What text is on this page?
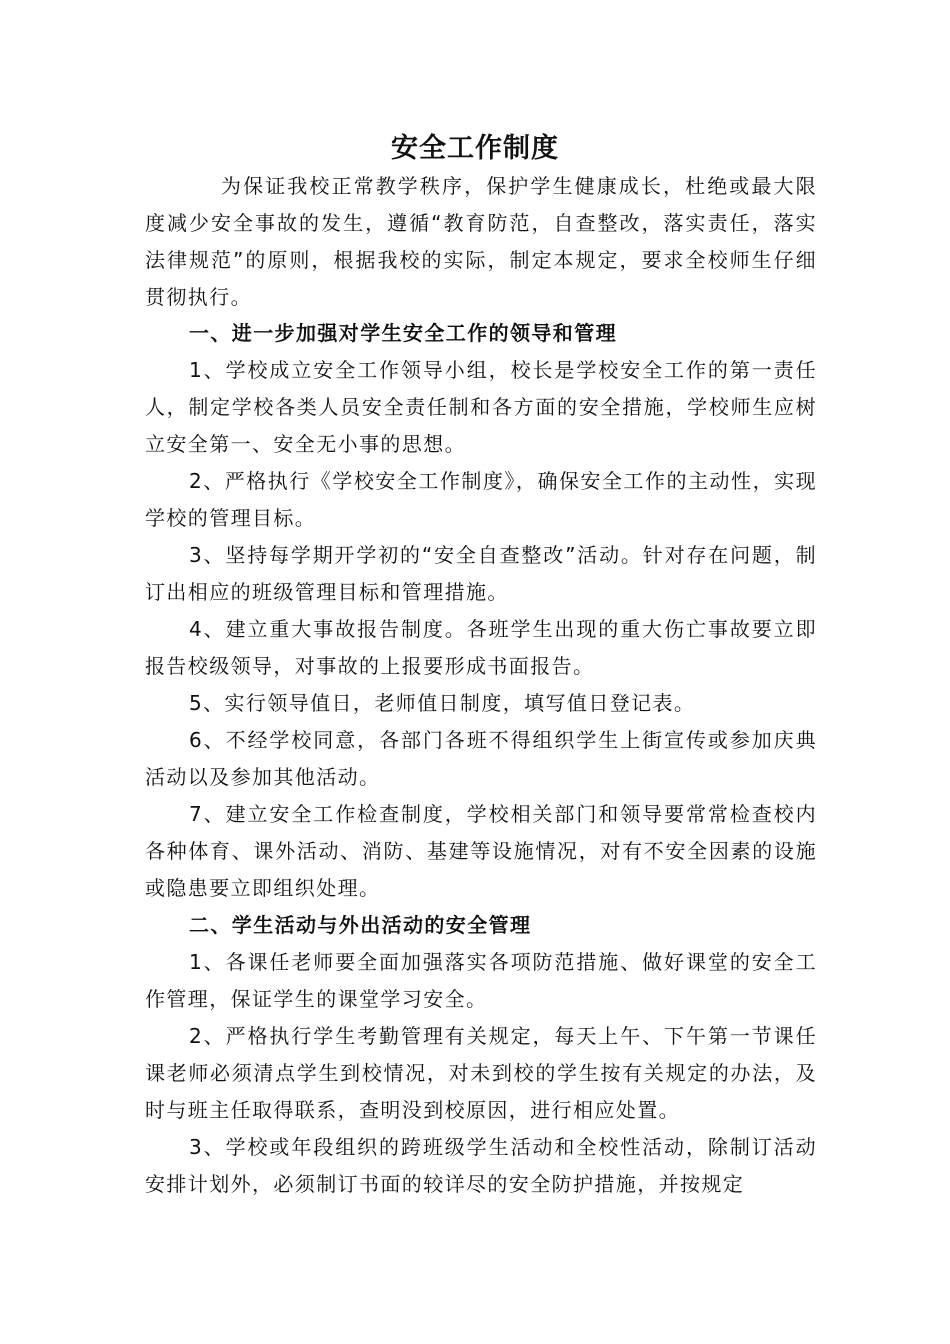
安全工作制度

为保证我校正常教学秩序，保护学生健康成长，杜绝或最大限度减少安全事故的发生，遵循“教育防范，自查整改，落实责任，落实法律规范”的原则，根据我校的实际，制定本规定，要求全校师生仔细贯彻执行。

一、进一步加强对学生安全工作的领导和管理

1、学校成立安全工作领导小组，校长是学校安全工作的第一责任人，制定学校各类人员安全责任制和各方面的安全措施，学校师生应树立安全第一、安全无小事的思想。

2、严格执行《学校安全工作制度》，确保安全工作的主动性，实现学校的管理目标。

3、坚持每学期开学初的“安全自查整改”活动。针对存在问题，制订出相应的班级管理目标和管理措施。

4、建立重大事故报告制度。各班学生出现的重大伤亡事故要立即报告校级领导，对事故的上报要形成书面报告。

5、实行领导值日，老师值日制度，填写值日登记表。

6、不经学校同意，各部门各班不得组织学生上街宣传或参加庆典活动以及参加其他活动。

7、建立安全工作检查制度，学校相关部门和领导要常常检查校内各种体育、课外活动、消防、基建等设施情况，对有不安全因素的设施或隐患要立即组织处理。

二、学生活动与外出活动的安全管理

1、各课任老师要全面加强落实各项防范措施、做好课堂的安全工作管理，保证学生的课堂学习安全。

2、严格执行学生考勤管理有关规定，每天上午、下午第一节课任课老师必须清点学生到校情况，对未到校的学生按有关规定的办法，及时与班主任取得联系，查明没到校原因，进行相应处置。

3、学校或年段组织的跨班级学生活动和全校性活动，除制订活动安排计划外，必须制订书面的较详尽的安全防护措施，并按规定
